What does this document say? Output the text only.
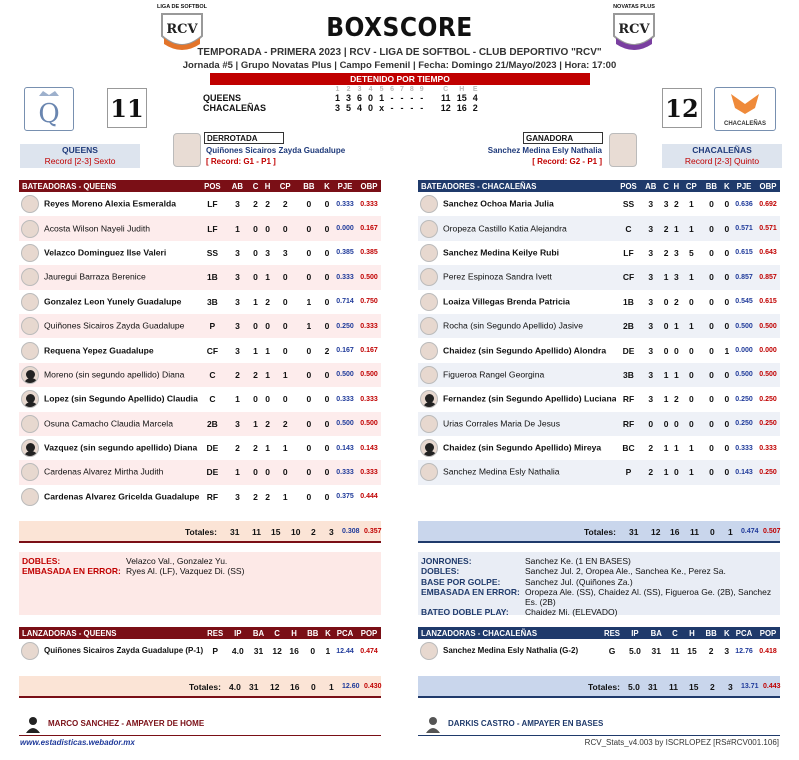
LIGA DE SOFTBOL
RCV
NOVATAS PLUS
RCV
BOXSCORE
TEMPORADA - PRIMERA 2023 | RCV - LIGA DE SOFTBOL - CLUB DEPORTIVO "RCV"
Jornada #5 | Grupo Novatas Plus | Campo Femenil | Fecha: Domingo 21/Mayo/2023 | Hora: 17:00
DETENIDO POR TIEMPO
Q 11	12
CHACALEÑAS
	1	2	3	4	5	6	7	8	9	C	H	E
QUEENS	1	3	6	0	1	-	-	-	-	11	15	4
CHACALEÑAS	3	5	4	0	x	-	-	-	-	12	16	2
DERROTADA
Quiñones Sicairos Zayda Guadalupe
[ Record: G1 - P1 ]
GANADORA
Sanchez Medina Esly Nathalia
[ Record: G2 - P1 ]
QUEENS
Record [2-3] Sexto
CHACALEÑAS
Record [2-3] Quinto
BATEADORAS - QUEENS	POS	AB	C	H	CP	BB	K	PJE	OBP
Reyes Moreno Alexia Esmeralda	LF	3	2	2	2	0	0	0.333	0.333
Acosta Wilson Nayeli Judith	LF	1	0	0	0	0	0	0.000	0.167
Velazco Dominguez Ilse Valeri	SS	3	0	3	3	0	0	0.385	0.385
Jauregui Barraza Berenice	1B	3	0	1	0	0	0	0.333	0.500
Gonzalez Leon Yunely Guadalupe	3B	3	1	2	0	1	0	0.714	0.750
Quiñones Sicairos Zayda Guadalupe	P	3	0	0	0	1	0	0.250	0.333
Requena Yepez Guadalupe	CF	3	1	1	0	0	2	0.167	0.167
Moreno (sin segundo apellido) Diana	C	2	2	1	1	0	0	0.500	0.500
Lopez (sin Segundo Apellido) Claudia	C	1	0	0	0	0	0	0.333	0.333
Osuna Camacho Claudia Marcela	2B	3	1	2	2	0	0	0.500	0.500
Vazquez (sin segundo apellido) Diana	DE	2	2	1	1	0	0	0.143	0.143
Cardenas Alvarez Mirtha Judith	DE	1	0	0	0	0	0	0.333	0.333
Cardenas Alvarez Gricelda Guadalupe	RF	3	2	2	1	0	0	0.375	0.444
Totales: 31 11 15 10 2 3 0.308 0.357
BATEADORES - CHACALEÑAS	POS	AB	C	H	CP	BB	K	PJE	OBP
Sanchez Ochoa Maria Julia	SS	3	3	2	1	0	0	0.636	0.692
Oropeza Castillo Katia Alejandra	C	3	2	1	1	0	0	0.571	0.571
Sanchez Medina Keilye Rubi	LF	3	2	3	5	0	0	0.615	0.643
Perez Espinoza Sandra Ivett	CF	3	1	3	1	0	0	0.857	0.857
Loaiza Villegas Brenda Patricia	1B	3	0	2	0	0	0	0.545	0.615
Rocha (sin Segundo Apellido) Jasive	2B	3	0	1	1	0	0	0.500	0.500
Chaidez (sin Segundo Apellido) Alondra	DE	3	0	0	0	0	1	0.000	0.000
Figueroa Rangel Georgina	3B	3	1	1	0	0	0	0.500	0.500
Fernandez (sin Segundo Apellido) Luciana	RF	3	1	2	0	0	0	0.250	0.250
Urias Corrales Maria De Jesus	RF	0	0	0	0	0	0	0.250	0.250
Chaidez (sin Segundo Apellido) Mireya	BC	2	1	1	1	0	0	0.333	0.333
Sanchez Medina Esly Nathalia	P	2	1	0	1	0	0	0.143	0.250
Totales: 31 12 16 11 0 1 0.474 0.507
DOBLES:	Velazco Val., Gonzalez Yu.
EMBASADA EN ERROR: Ryes Al. (LF), Vazquez Di. (SS)
JONRONES:	Sanchez Ke. (1 EN BASES)
DOBLES:	Sanchez Jul. 2, Oropea Ale., Sanchea Ke., Perez Sa.
BASE POR GOLPE:	Sanchez Jul. (Quiñones Za.)
EMBASADA EN ERROR: Oropeza Ale. (SS), Chaidez Al. (SS), Figueroa Ge. (2B), Sanchez Es. (2B)
BATEO DOBLE PLAY:	Chaidez Mi. (ELEVADO)
LANZADORAS - QUEENS	RES	IP	BA	C	H	BB	K	PCA	POP
Quiñones Sicairos Zayda Guadalupe (P-1)	P	4.0	31	12	16	0	1	12.44	0.474
Totales: 4.0 31 12 16 0 1 12.60 0.430
LANZADORAS - CHACALEÑAS	RES	IP	BA	C	H	BB	K	PCA	POP
Sanchez Medina Esly Nathalia (G-2)	G	5.0	31	11	15	2	3	12.76	0.418
Totales: 5.0 31 11 15 2 3 13.71 0.443
MARCO SANCHEZ - AMPAYER DE HOME	DARKIS CASTRO - AMPAYER EN BASES
www.estadisticas.webador.mx	RCV_Stats_v4.003 by ISCRLOPEZ [RS#RCV001.106]
